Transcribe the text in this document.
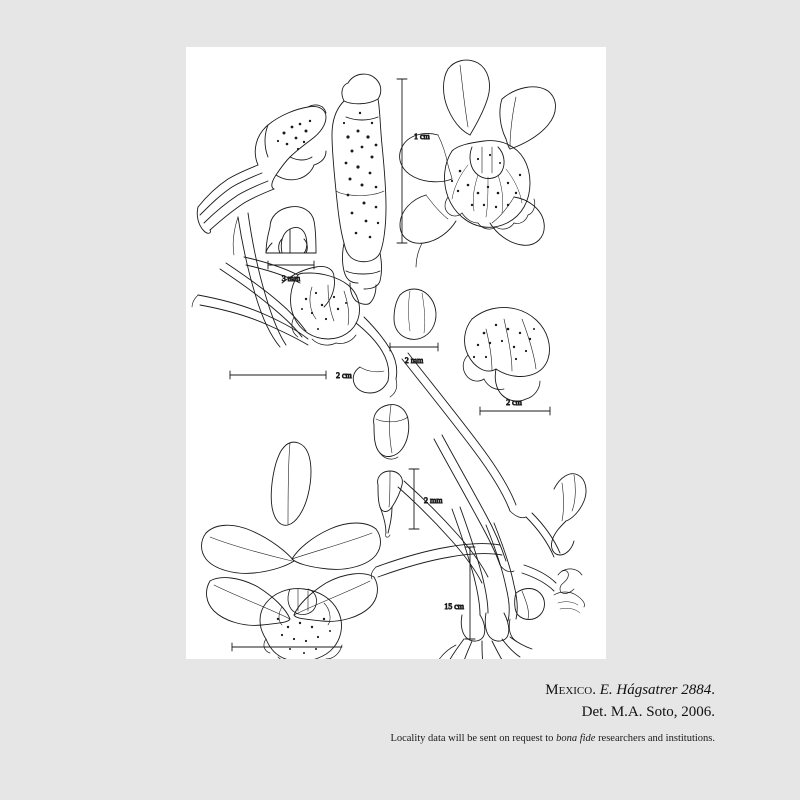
3 mm
1 cm
2 mm
2 cm
2 cm
2 mm
15 cm
Mexico. E. Hágsatrer 2884.
Det. M.A. Soto, 2006.
Locality data will be sent on request to bona fide researchers and institutions.
